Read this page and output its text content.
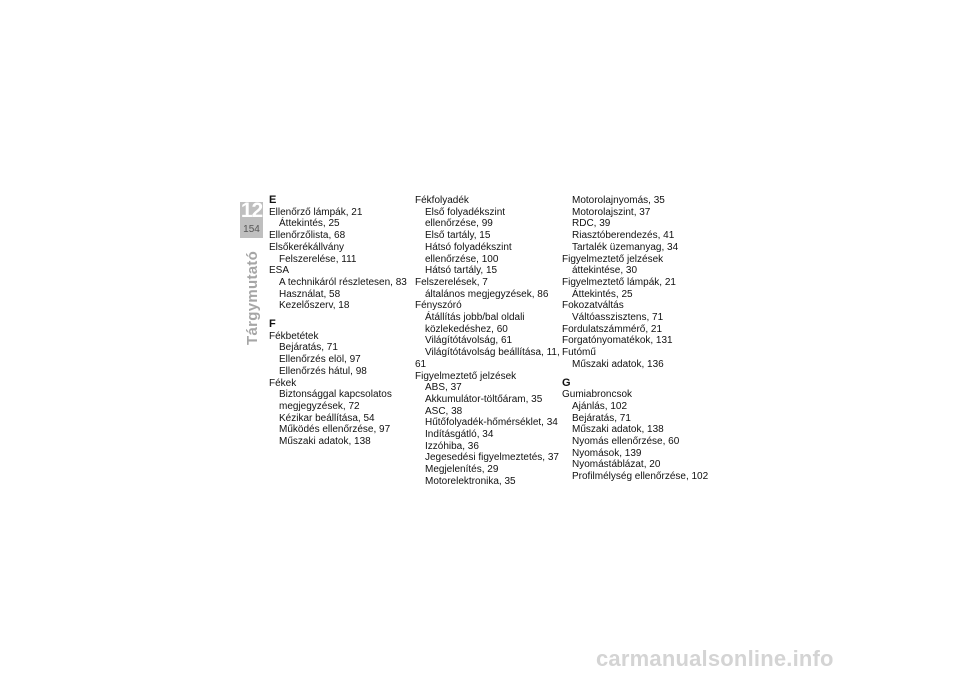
12
154
Tárgymutató
E
Ellenőrző lámpák, 21
Áttekintés, 25
Ellenőrzőlista, 68
Elsőkerékállvány
Felszerelése, 111
ESA
A technikáról részletesen, 83
Használat, 58
Kezelőszerv, 18
F
Fékbetétek
Bejáratás, 71
Ellenőrzés elöl, 97
Ellenőrzés hátul, 98
Fékek
Biztonsággal kapcsolatos
megjegyzések, 72
Kézikar beállítása, 54
Működés ellenőrzése, 97
Műszaki adatok, 138
Fékfolyadék
Első folyadékszint
ellenőrzése, 99
Első tartály, 15
Hátsó folyadékszint
ellenőrzése, 100
Hátsó tartály, 15
Felszerelések, 7
általános megjegyzések, 86
Fényszóró
Átállítás jobb/bal oldali
közlekedéshez, 60
Világítótávolság, 61
Világítótávolság beállítása, 11,
61
Figyelmeztető jelzések
ABS, 37
Akkumulátor-töltőáram, 35
ASC, 38
Hűtőfolyadék-hőmérséklet, 34
Indításgátló, 34
Izzóhiba, 36
Jegesedési figyelmeztetés, 37
Megjelenítés, 29
Motorelektronika, 35
Motorolajnyomás, 35
Motorolajszint, 37
RDC, 39
Riasztóberendezés, 41
Tartalék üzemanyag, 34
Figyelmeztető jelzések
áttekintése, 30
Figyelmeztető lámpák, 21
Áttekintés, 25
Fokozatváltás
Váltóasszisztens, 71
Fordulatszámmérő, 21
Forgatónyomatékok, 131
Futómű
Műszaki adatok, 136
G
Gumiabroncsok
Ajánlás, 102
Bejáratás, 71
Műszaki adatok, 138
Nyomás ellenőrzése, 60
Nyomások, 139
Nyomástáblázat, 20
Profilmélység ellenőrzése, 102
carmanualsonline.info
